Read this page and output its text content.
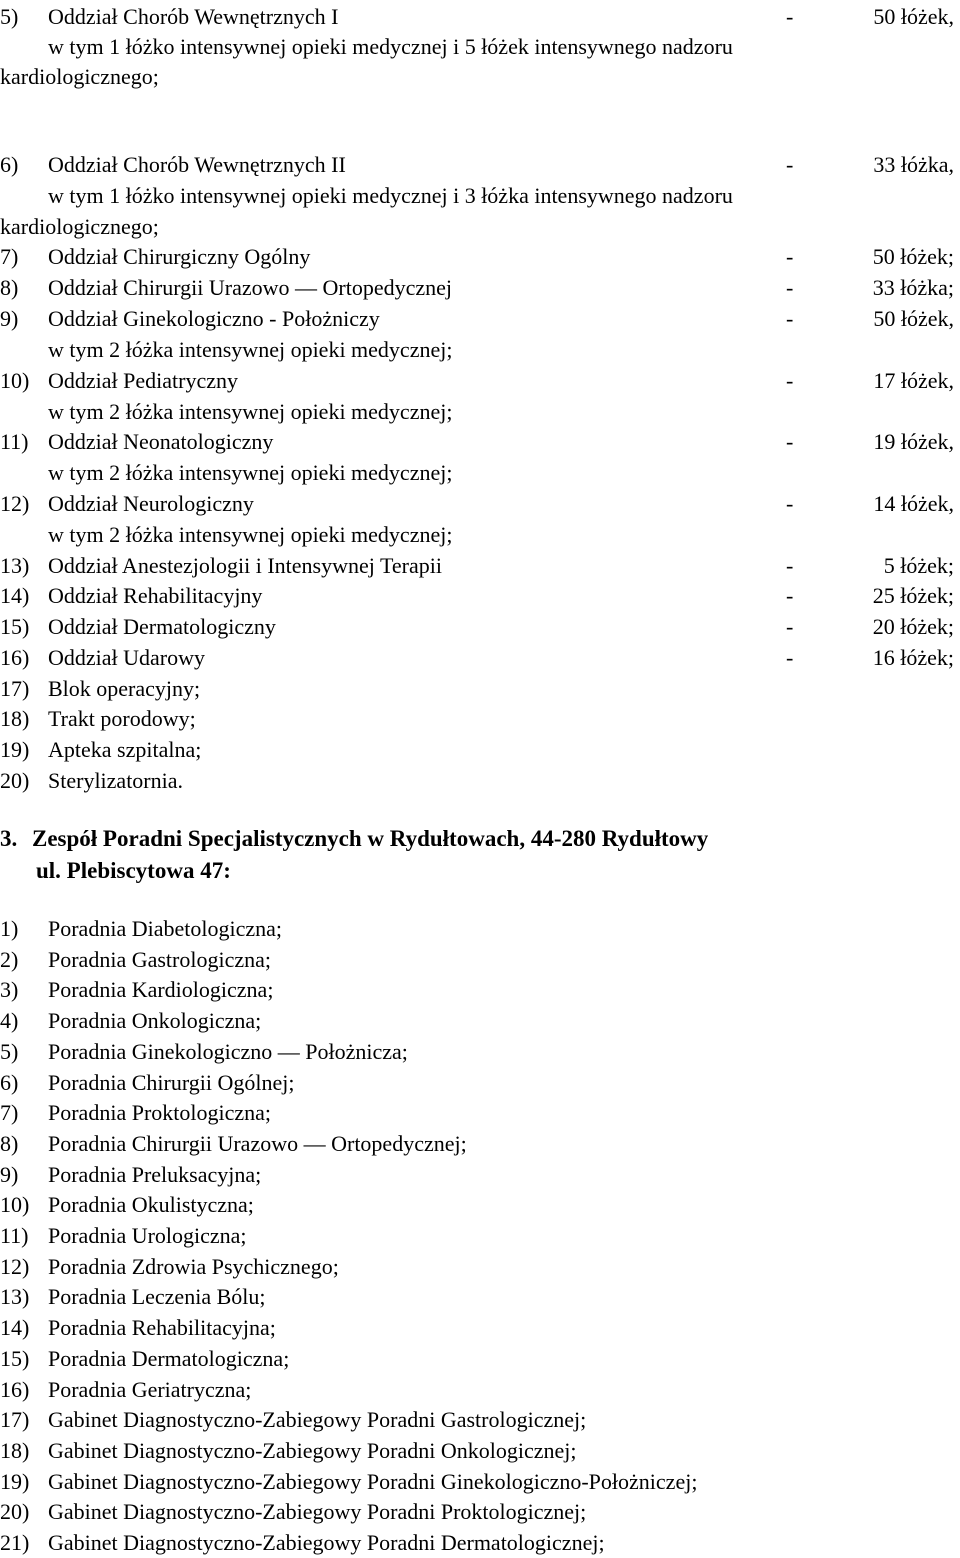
5) Oddział Chorób Wewnętrznych I	-	50 łóżek,
w tym 1 łóżko intensywnej opieki medycznej i 5 łóżek intensywnego nadzoru
kardiologicznego;
6) Oddział Chorób Wewnętrznych II	-	33 łóżka,
w tym 1 łóżko intensywnej opieki medycznej i 3 łóżka intensywnego nadzoru
kardiologicznego;
7) Oddział Chirurgiczny Ogólny	-	50 łóżek;
8) Oddział Chirurgii Urazowo — Ortopedycznej	-	33 łóżka;
9) Oddział Ginekologiczno - Położniczy	-	50 łóżek,
w tym 2 łóżka intensywnej opieki medycznej;
10) Oddział Pediatryczny	-	17 łóżek,
w tym 2 łóżka intensywnej opieki medycznej;
11) Oddział Neonatologiczny	-	19 łóżek,
w tym 2 łóżka intensywnej opieki medycznej;
12) Oddział Neurologiczny	-	14 łóżek,
w tym 2 łóżka intensywnej opieki medycznej;
13) Oddział Anestezjologii i Intensywnej Terapii	-	5 łóżek;
14) Oddział Rehabilitacyjny	-	25 łóżek;
15) Oddział Dermatologiczny	-	20 łóżek;
16) Oddział Udarowy	-	16 łóżek;
17) Blok operacyjny;
18) Trakt porodowy;
19) Apteka szpitalna;
20) Sterylizatornia.
3. Zespół Poradni Specjalistycznych w Rydułtowach, 44-280 Rydułtowy
ul. Plebiscytowa 47:
1) Poradnia Diabetologiczna;
2) Poradnia Gastrologiczna;
3) Poradnia Kardiologiczna;
4) Poradnia Onkologiczna;
5) Poradnia Ginekologiczno — Położnicza;
6) Poradnia Chirurgii Ogólnej;
7) Poradnia Proktologiczna;
8) Poradnia Chirurgii Urazowo — Ortopedycznej;
9) Poradnia Preluksacyjna;
10) Poradnia Okulistyczna;
11) Poradnia Urologiczna;
12) Poradnia Zdrowia Psychicznego;
13) Poradnia Leczenia Bólu;
14) Poradnia Rehabilitacyjna;
15) Poradnia Dermatologiczna;
16) Poradnia Geriatryczna;
17) Gabinet Diagnostyczno-Zabiegowy Poradni Gastrologicznej;
18) Gabinet Diagnostyczno-Zabiegowy Poradni Onkologicznej;
19) Gabinet Diagnostyczno-Zabiegowy Poradni Ginekologiczno-Położniczej;
20) Gabinet Diagnostyczno-Zabiegowy Poradni Proktologicznej;
21) Gabinet Diagnostyczno-Zabiegowy Poradni Dermatologicznej;
